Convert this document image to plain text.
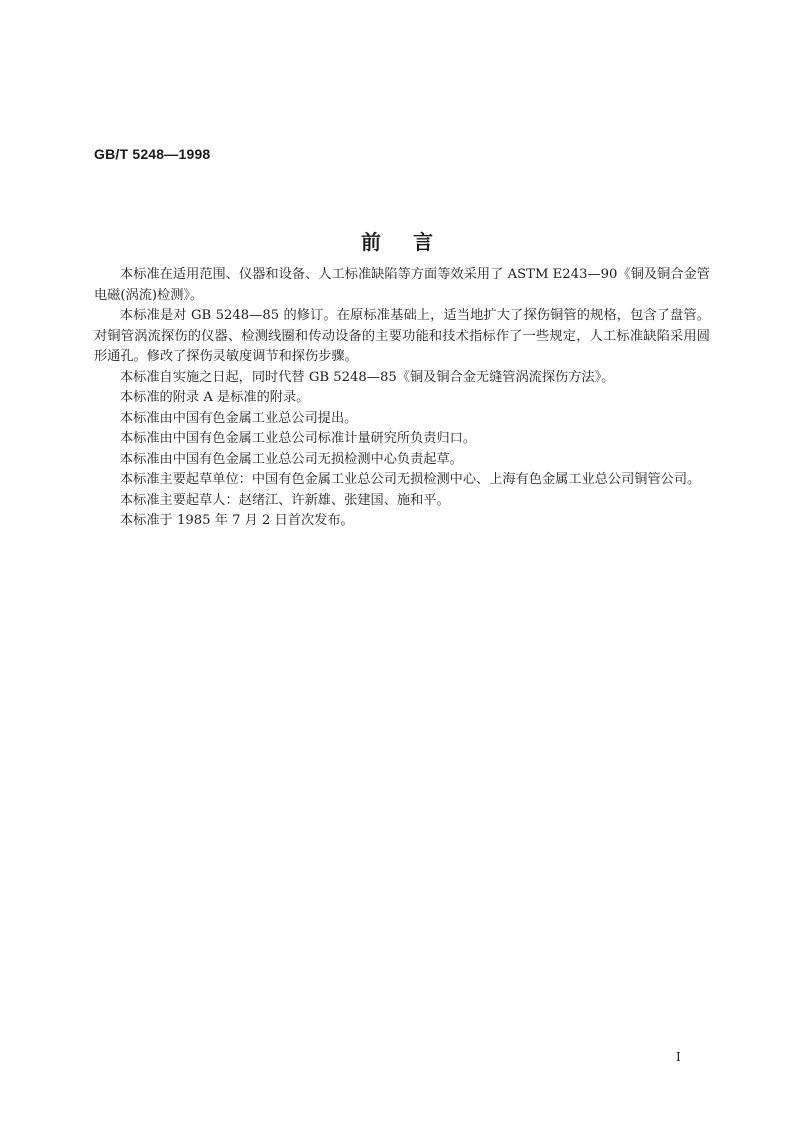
GB/T 5248—1998
前言

本标准在适用范围、仪器和设备、人工标准缺陷等方面等效采用了 ASTM E243—90《铜及铜合金管电磁(涡流)检测》。

本标准是对 GB 5248—85 的修订。在原标准基础上，适当地扩大了探伤铜管的规格，包含了盘管。对铜管涡流探伤的仪器、检测线圈和传动设备的主要功能和技术指标作了一些规定，人工标准缺陷采用圆形通孔。修改了探伤灵敏度调节和探伤步骤。

本标准自实施之日起，同时代替 GB 5248—85《铜及铜合金无缝管涡流探伤方法》。

本标准的附录 A 是标准的附录。

本标准由中国有色金属工业总公司提出。

本标准由中国有色金属工业总公司标准计量研究所负责归口。

本标准由中国有色金属工业总公司无损检测中心负责起草。

本标准主要起草单位：中国有色金属工业总公司无损检测中心、上海有色金属工业总公司铜管公司。

本标准主要起草人：赵绪江、许新雄、张建国、施和平。

本标准于 1985 年 7 月 2 日首次发布。

I
